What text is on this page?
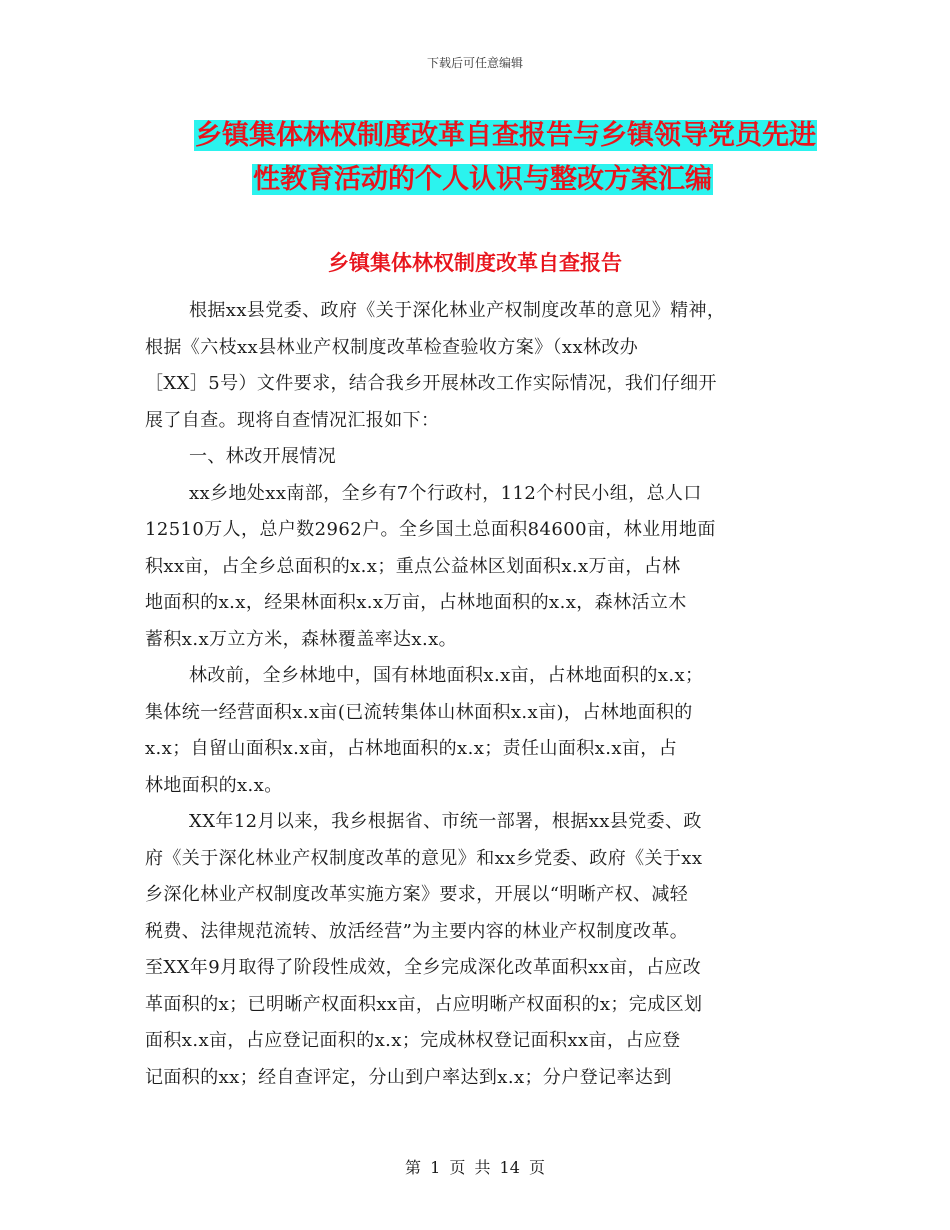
下载后可任意编辑
乡镇集体林权制度改革自查报告与乡镇领导党员先进
性教育活动的个人认识与整改方案汇编
乡镇集体林权制度改革自查报告
根据xx县党委、政府《关于深化林业产权制度改革的意见》精神，
根据《六枝xx县林业产权制度改革检查验收方案》（xx林改办
［XX］5号）文件要求，结合我乡开展林改工作实际情况，我们仔细开
展了自查。现将自查情况汇报如下：
一、林改开展情况
xx乡地处xx南部，全乡有7个行政村，112个村民小组，总人口
12510万人，总户数2962户。全乡国土总面积84600亩，林业用地面
积xx亩，占全乡总面积的x.x；重点公益林区划面积x.x万亩，占林
地面积的x.x，经果林面积x.x万亩，占林地面积的x.x，森林活立木
蓄积x.x万立方米，森林覆盖率达x.x。
林改前，全乡林地中，国有林地面积x.x亩，占林地面积的x.x；
集体统一经营面积x.x亩(已流转集体山林面积x.x亩)，占林地面积的
x.x；自留山面积x.x亩，占林地面积的x.x；责任山面积x.x亩，占
林地面积的x.x。
XX年12月以来，我乡根据省、市统一部署，根据xx县党委、政
府《关于深化林业产权制度改革的意见》和xx乡党委、政府《关于xx
乡深化林业产权制度改革实施方案》要求，开展以“明晰产权、减轻
税费、法律规范流转、放活经营”为主要内容的林业产权制度改革。
至XX年9月取得了阶段性成效，全乡完成深化改革面积xx亩，占应改
革面积的x；已明晰产权面积xx亩，占应明晰产权面积的x；完成区划
面积x.x亩，占应登记面积的x.x；完成林权登记面积xx亩，占应登
记面积的xx；经自查评定，分山到户率达到x.x；分户登记率达到
第 1 页 共 14 页
